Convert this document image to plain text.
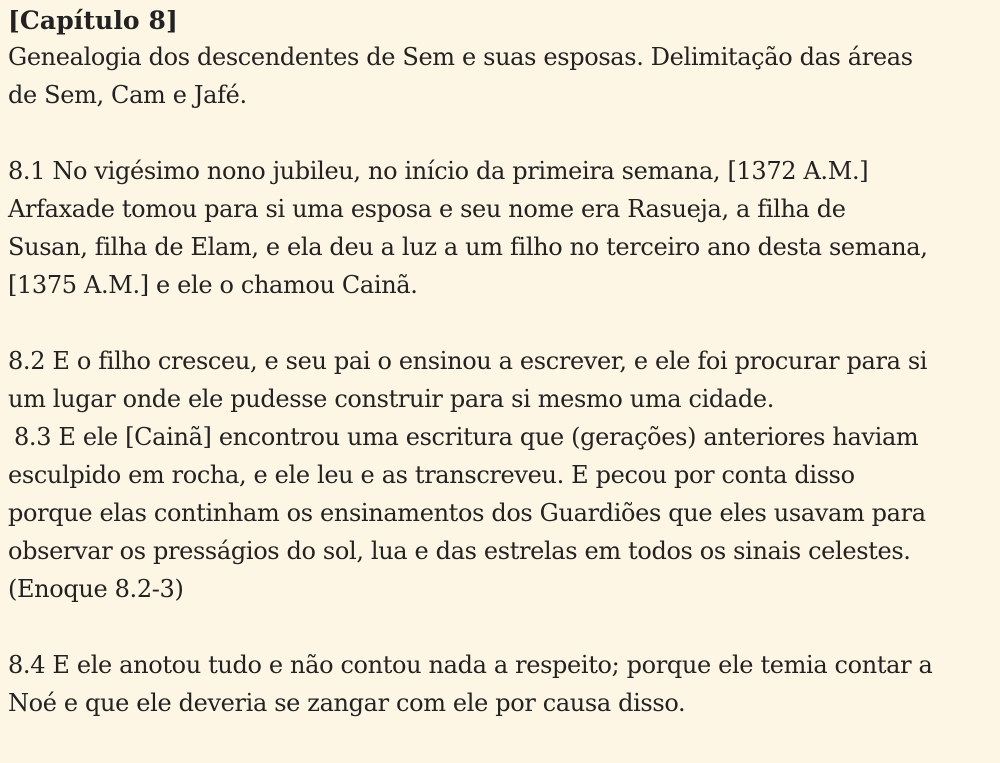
[Capítulo 8]
Genealogia dos descendentes de Sem e suas esposas. Delimitação das áreas
de Sem, Cam e Jafé.
8.1 No vigésimo nono jubileu, no início da primeira semana, [1372 A.M.]
Arfaxade tomou para si uma esposa e seu nome era Rasueja, a filha de
Susan, filha de Elam, e ela deu a luz a um filho no terceiro ano desta semana,
[1375 A.M.] e ele o chamou Cainã.
8.2 E o filho cresceu, e seu pai o ensinou a escrever, e ele foi procurar para si
um lugar onde ele pudesse construir para si mesmo uma cidade.
8.3 E ele [Cainã] encontrou uma escritura que (gerações) anteriores haviam
esculpido em rocha, e ele leu e as transcreveu. E pecou por conta disso
porque elas continham os ensinamentos dos Guardiões que eles usavam para
observar os presságios do sol, lua e das estrelas em todos os sinais celestes.
(Enoque 8.2-3)
8.4 E ele anotou tudo e não contou nada a respeito; porque ele temia contar a
Noé e que ele deveria se zangar com ele por causa disso.
